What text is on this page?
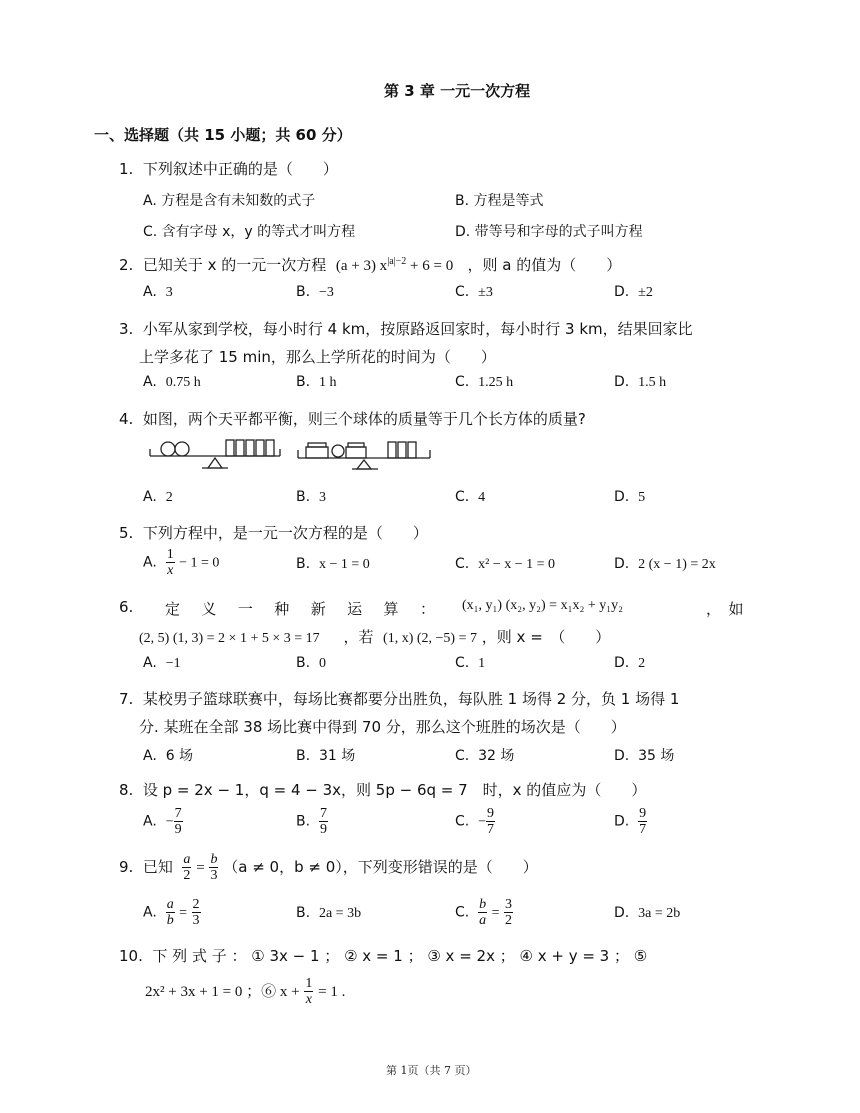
第 3 章 一元一次方程
一、选择题（共 15 小题；共 60 分）
1. 下列叙述中正确的是（　　）
A. 方程是含有未知数的式子	B. 方程是等式
C. 含有字母 x，y 的等式才叫方程	D. 带等号和字母的式子叫方程
2. 已知关于 x 的一元一次方程 (a + 3) $x^{|a|-2} + 6 = 0$ ，则 a 的值为（　　）
A. 3	B. −3	C. ±3	D. ±2
3. 小军从家到学校，每小时行 4 km，按原路返回家时，每小时行 3 km，结果回家比
上学多花了 15 min，那么上学所花的时间为（　　）
A. 0.75 h	B. 1 h	C. 1.25 h	D. 1.5 h
4. 如图，两个天平都平衡，则三个球体的质量等于几个长方体的质量?
A. 2	B. 3	C. 4	D. 5
5. 下列方程中，是一元一次方程的是（　　）
A. $\frac{1}{x} - 1 = 0$	B. x − 1 = 0	C. x² − x − 1 = 0	D. 2 (x − 1) = 2x
6. 定 义 一 种 新 运 算 ： (x₁, y₁) (x₂, y₂) = x₁x₂ + y₁y₂	，　如
(2, 5) (1, 3) = 2 × 1 + 5 × 3 = 17 ，若 (1, x) (2, −5) = 7 ，则 x =　（　　）
A. −1	B. 0	C. 1	D. 2
7. 某校男子篮球联赛中，每场比赛都要分出胜负，每队胜 1 场得 2 分，负 1 场得 1
分. 某班在全部 38 场比赛中得到 70 分，那么这个班胜的场次是（　　）
A. 6 场	B. 31 场	C. 32 场	D. 35 场
8. 设 p = 2x − 1，q = 4 − 3x，则 5p − 6q = 7　时，x 的值应为（　　）
A. − $\frac{7}{9}$	B. $\frac{7}{9}$	C. − $\frac{9}{7}$	D. $\frac{9}{7}$
9. 已知 $\frac{a}{2} = \frac{b}{3} (a \ne 0$，b ≠ 0），下列变形错误的是（　　）
A. $\frac{a}{b} = \frac{2}{3}$	B. 2a = 3b	C. $\frac{b}{a} = \frac{3}{2}$	D. 3a = 2b
10. 下 列 式 子 ： ① 3x − 1 ； ② x = 1 ； ③ x = 2x ； ④ x + y = 3 ； ⑤
2x² + 3x + 1 = 0 ；⑥ $x + \frac{1}{x} = 1$ .
第 1页（共 7 页）
